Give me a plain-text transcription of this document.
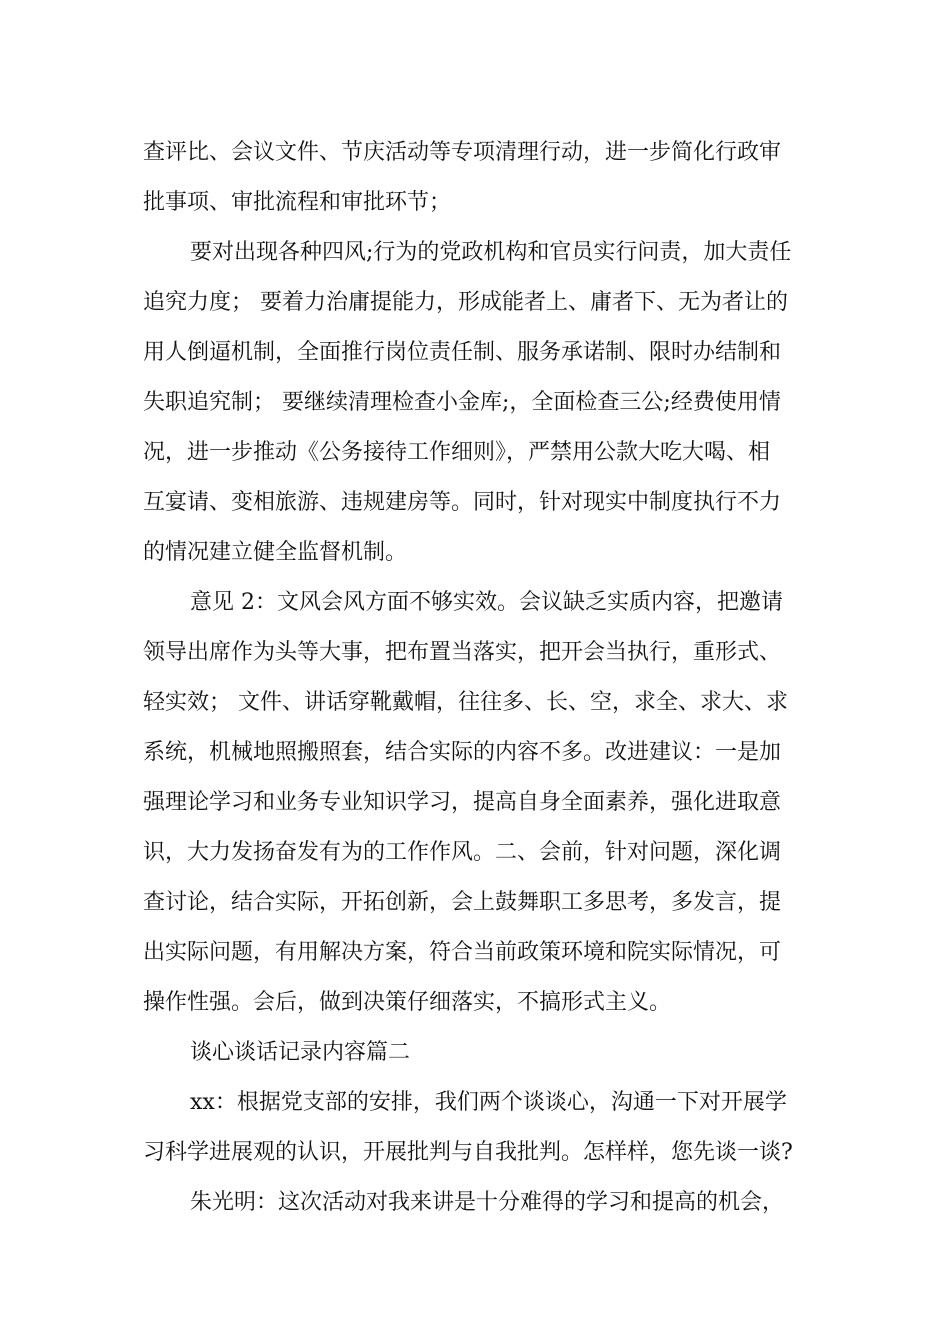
查评比、会议文件、节庆活动等专项清理行动，进一步简化行政审

批事项、审批流程和审批环节；

要对出现各种四风;行为的党政机构和官员实行问责，加大责任

追究力度； 要着力治庸提能力，形成能者上、庸者下、无为者让的

用人倒逼机制，全面推行岗位责任制、服务承诺制、限时办结制和

失职追究制； 要继续清理检查小金库;，全面检查三公;经费使用情

况，进一步推动《公务接待工作细则》，严禁用公款大吃大喝、相

互宴请、变相旅游、违规建房等。同时，针对现实中制度执行不力

的情况建立健全监督机制。

意见 2：文风会风方面不够实效。会议缺乏实质内容，把邀请

领导出席作为头等大事，把布置当落实，把开会当执行，重形式、

轻实效； 文件、讲话穿靴戴帽，往往多、长、空，求全、求大、求

系统，机械地照搬照套，结合实际的内容不多。改进建议：一是加

强理论学习和业务专业知识学习，提高自身全面素养，强化进取意

识，大力发扬奋发有为的工作作风。二、会前，针对问题，深化调

查讨论，结合实际，开拓创新，会上鼓舞职工多思考，多发言，提

出实际问题，有用解决方案，符合当前政策环境和院实际情况，可

操作性强。会后，做到决策仔细落实，不搞形式主义。

谈心谈话记录内容篇二

xx：根据党支部的安排，我们两个谈谈心，沟通一下对开展学

习科学进展观的认识，开展批判与自我批判。怎样样，您先谈一谈?

朱光明：这次活动对我来讲是十分难得的学习和提高的机会，
